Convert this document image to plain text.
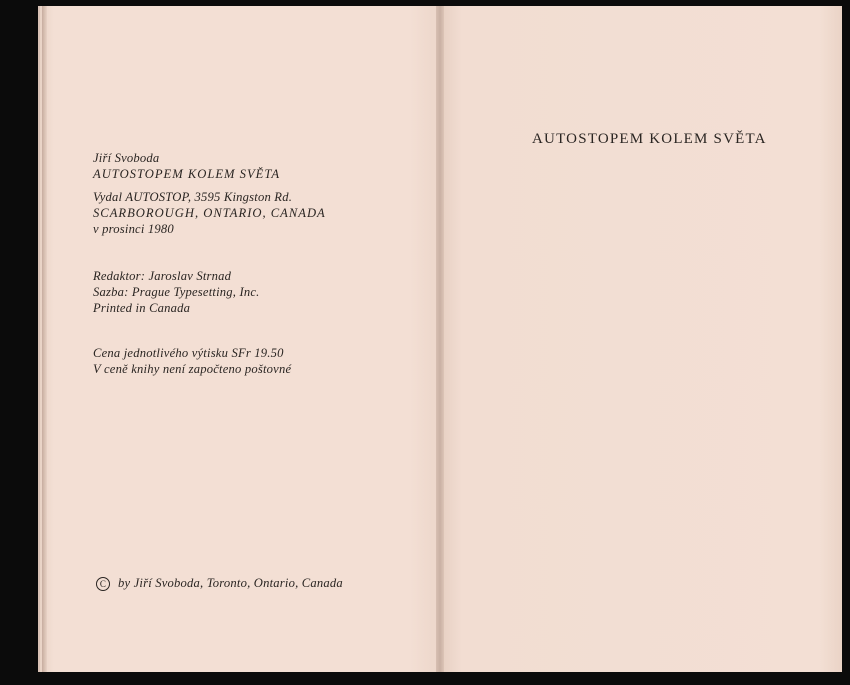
Jiří Svoboda

AUTOSTOPEM KOLEM SVĚTA

Vydal AUTOSTOP, 3595 Kingston Rd.

SCARBOROUGH, ONTARIO, CANADA

v prosinci 1980

Redaktor: Jaroslav Strnad

Sazba: Prague Typesetting, Inc.

Printed in Canada

Cena jednotlivého výtisku SFr 19.50

V ceně knihy není započteno poštovné

C by Jiří Svoboda, Toronto, Ontario, Canada

AUTOSTOPEM KOLEM SVĚTA
